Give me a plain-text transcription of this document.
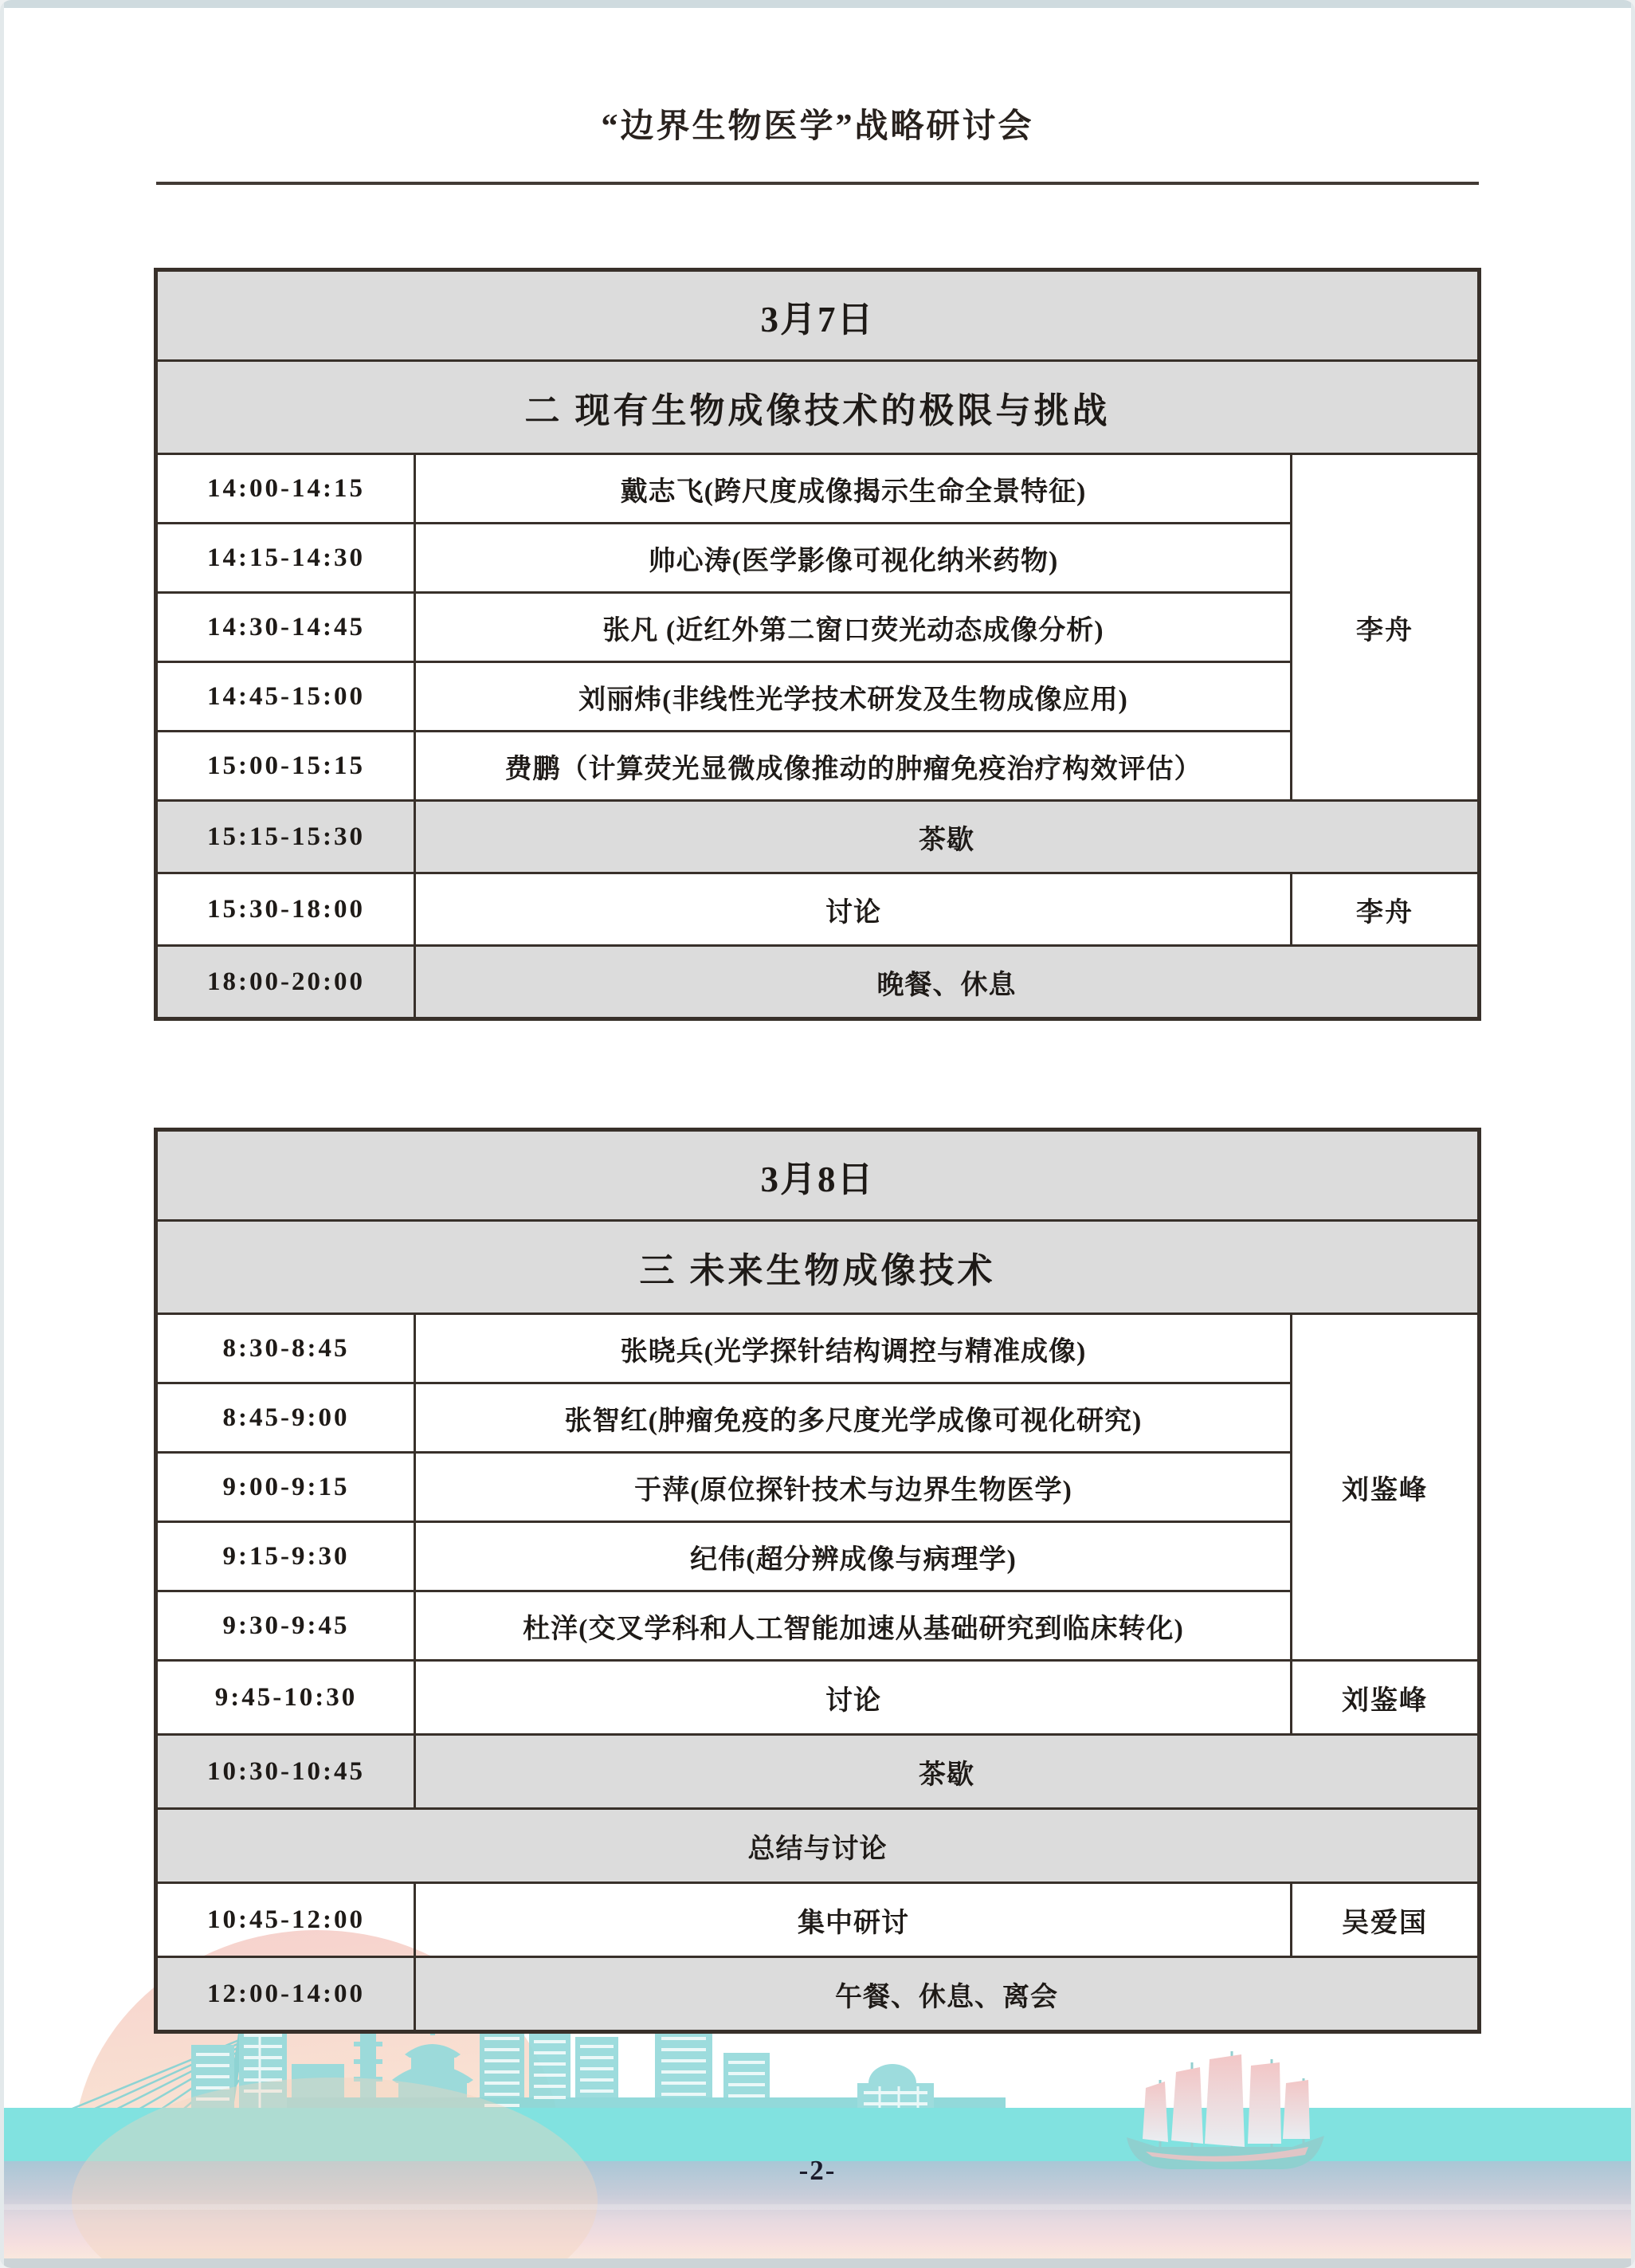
“边界生物医学”战略研讨会
3月7日		
二 现有生物成像技术的极限与挑战		
14:00-14:15	戴志飞(跨尺度成像揭示生命全景特征)	李舟
14:15-14:30	帅心涛(医学影像可视化纳米药物)	
14:30-14:45	张凡 (近红外第二窗口荧光动态成像分析)	
14:45-15:00	刘丽炜(非线性光学技术研发及生物成像应用)	
15:00-15:15	费鹏（计算荧光显微成像推动的肿瘤免疫治疗构效评估）	
15:15-15:30	茶歇	
15:30-18:00	讨论	李舟
18:00-20:00	晚餐、休息	
3月8日		
三 未来生物成像技术		
8:30-8:45	张晓兵(光学探针结构调控与精准成像)	刘鉴峰
8:45-9:00	张智红(肿瘤免疫的多尺度光学成像可视化研究)	
9:00-9:15	于萍(原位探针技术与边界生物医学)	
9:15-9:30	纪伟(超分辨成像与病理学)	
9:30-9:45	杜洋(交叉学科和人工智能加速从基础研究到临床转化)	
9:45-10:30	讨论	刘鉴峰
10:30-10:45	茶歇	
总结与讨论		
10:45-12:00	集中研讨	吴爱国
12:00-14:00	午餐、休息、离会	
-2-
